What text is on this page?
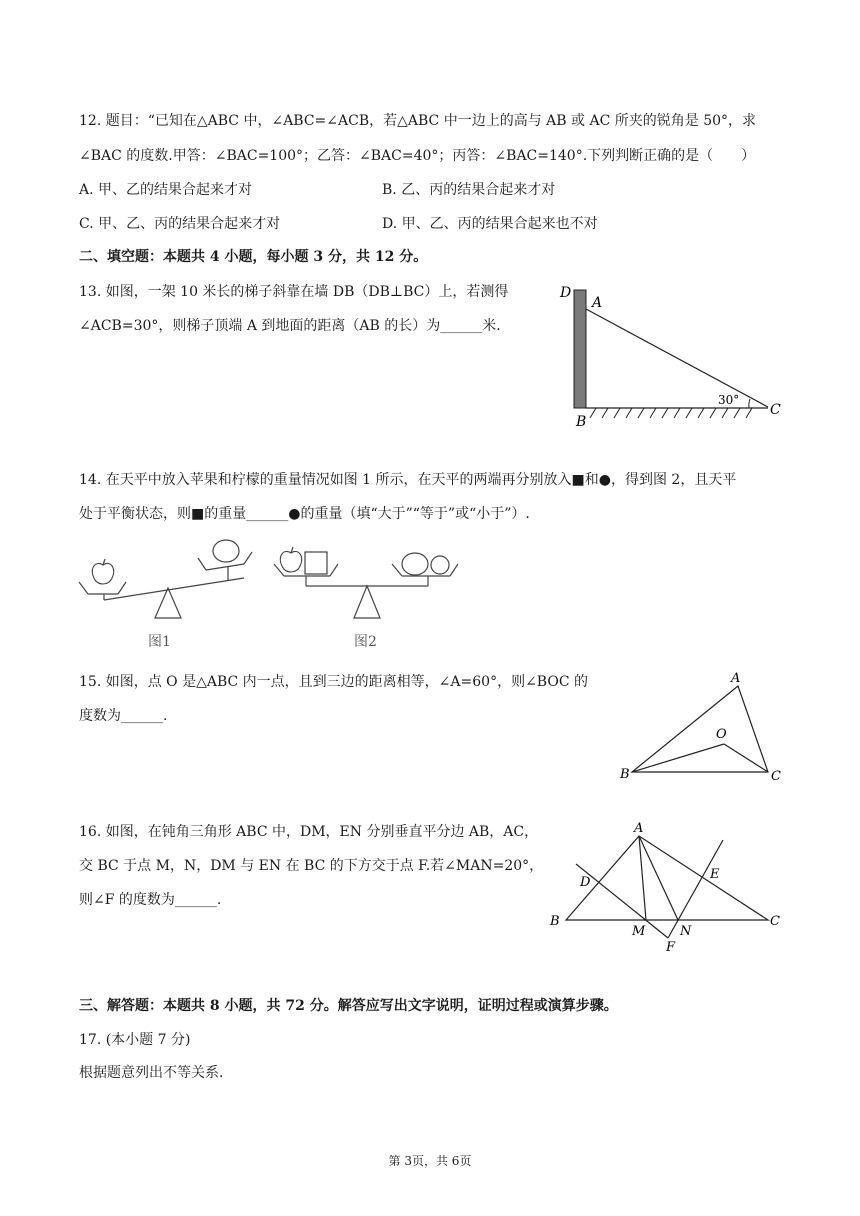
12. 题目：“已知在△ABC 中，∠ABC=∠ACB，若△ABC 中一边上的高与 AB 或 AC 所夹的锐角是 50°，求
∠BAC 的度数.甲答：∠BAC=100°；乙答：∠BAC=40°；丙答：∠BAC=140°.下列判断正确的是（　　）
A. 甲、乙的结果合起来才对	B. 乙、丙的结果合起来才对
C. 甲、乙、丙的结果合起来才对	D. 甲、乙、丙的结果合起来也不对
二、填空题：本题共 4 小题，每小题 3 分，共 12 分。
13. 如图，一架 10 米长的梯子斜靠在墙 DB（DB⊥BC）上，若测得
∠ACB=30°，则梯子顶端 A 到地面的距离（AB 的长）为______米.
D
A
B
C
30°
14. 在天平中放入苹果和柠檬的重量情况如图 1 所示，在天平的两端再分别放入■和●，得到图 2，且天平
处于平衡状态，则■的重量______●的重量（填“大于”“等于”或“小于”）.
图1	图2
15. 如图，点 O 是△ABC 内一点，且到三边的距离相等，∠A=60°，则∠BOC 的
度数为______.
A
O
B	C
16. 如图，在钝角三角形 ABC 中，DM，EN 分别垂直平分边 AB，AC，
交 BC 于点 M，N，DM 与 EN 在 BC 的下方交于点 F.若∠MAN=20°，
则∠F 的度数为______.
A
D
E
B
M	N
C
F
三、解答题：本题共 8 小题，共 72 分。解答应写出文字说明，证明过程或演算步骤。
17. (本小题 7 分)
根据题意列出不等关系.
第 3页，共 6页
